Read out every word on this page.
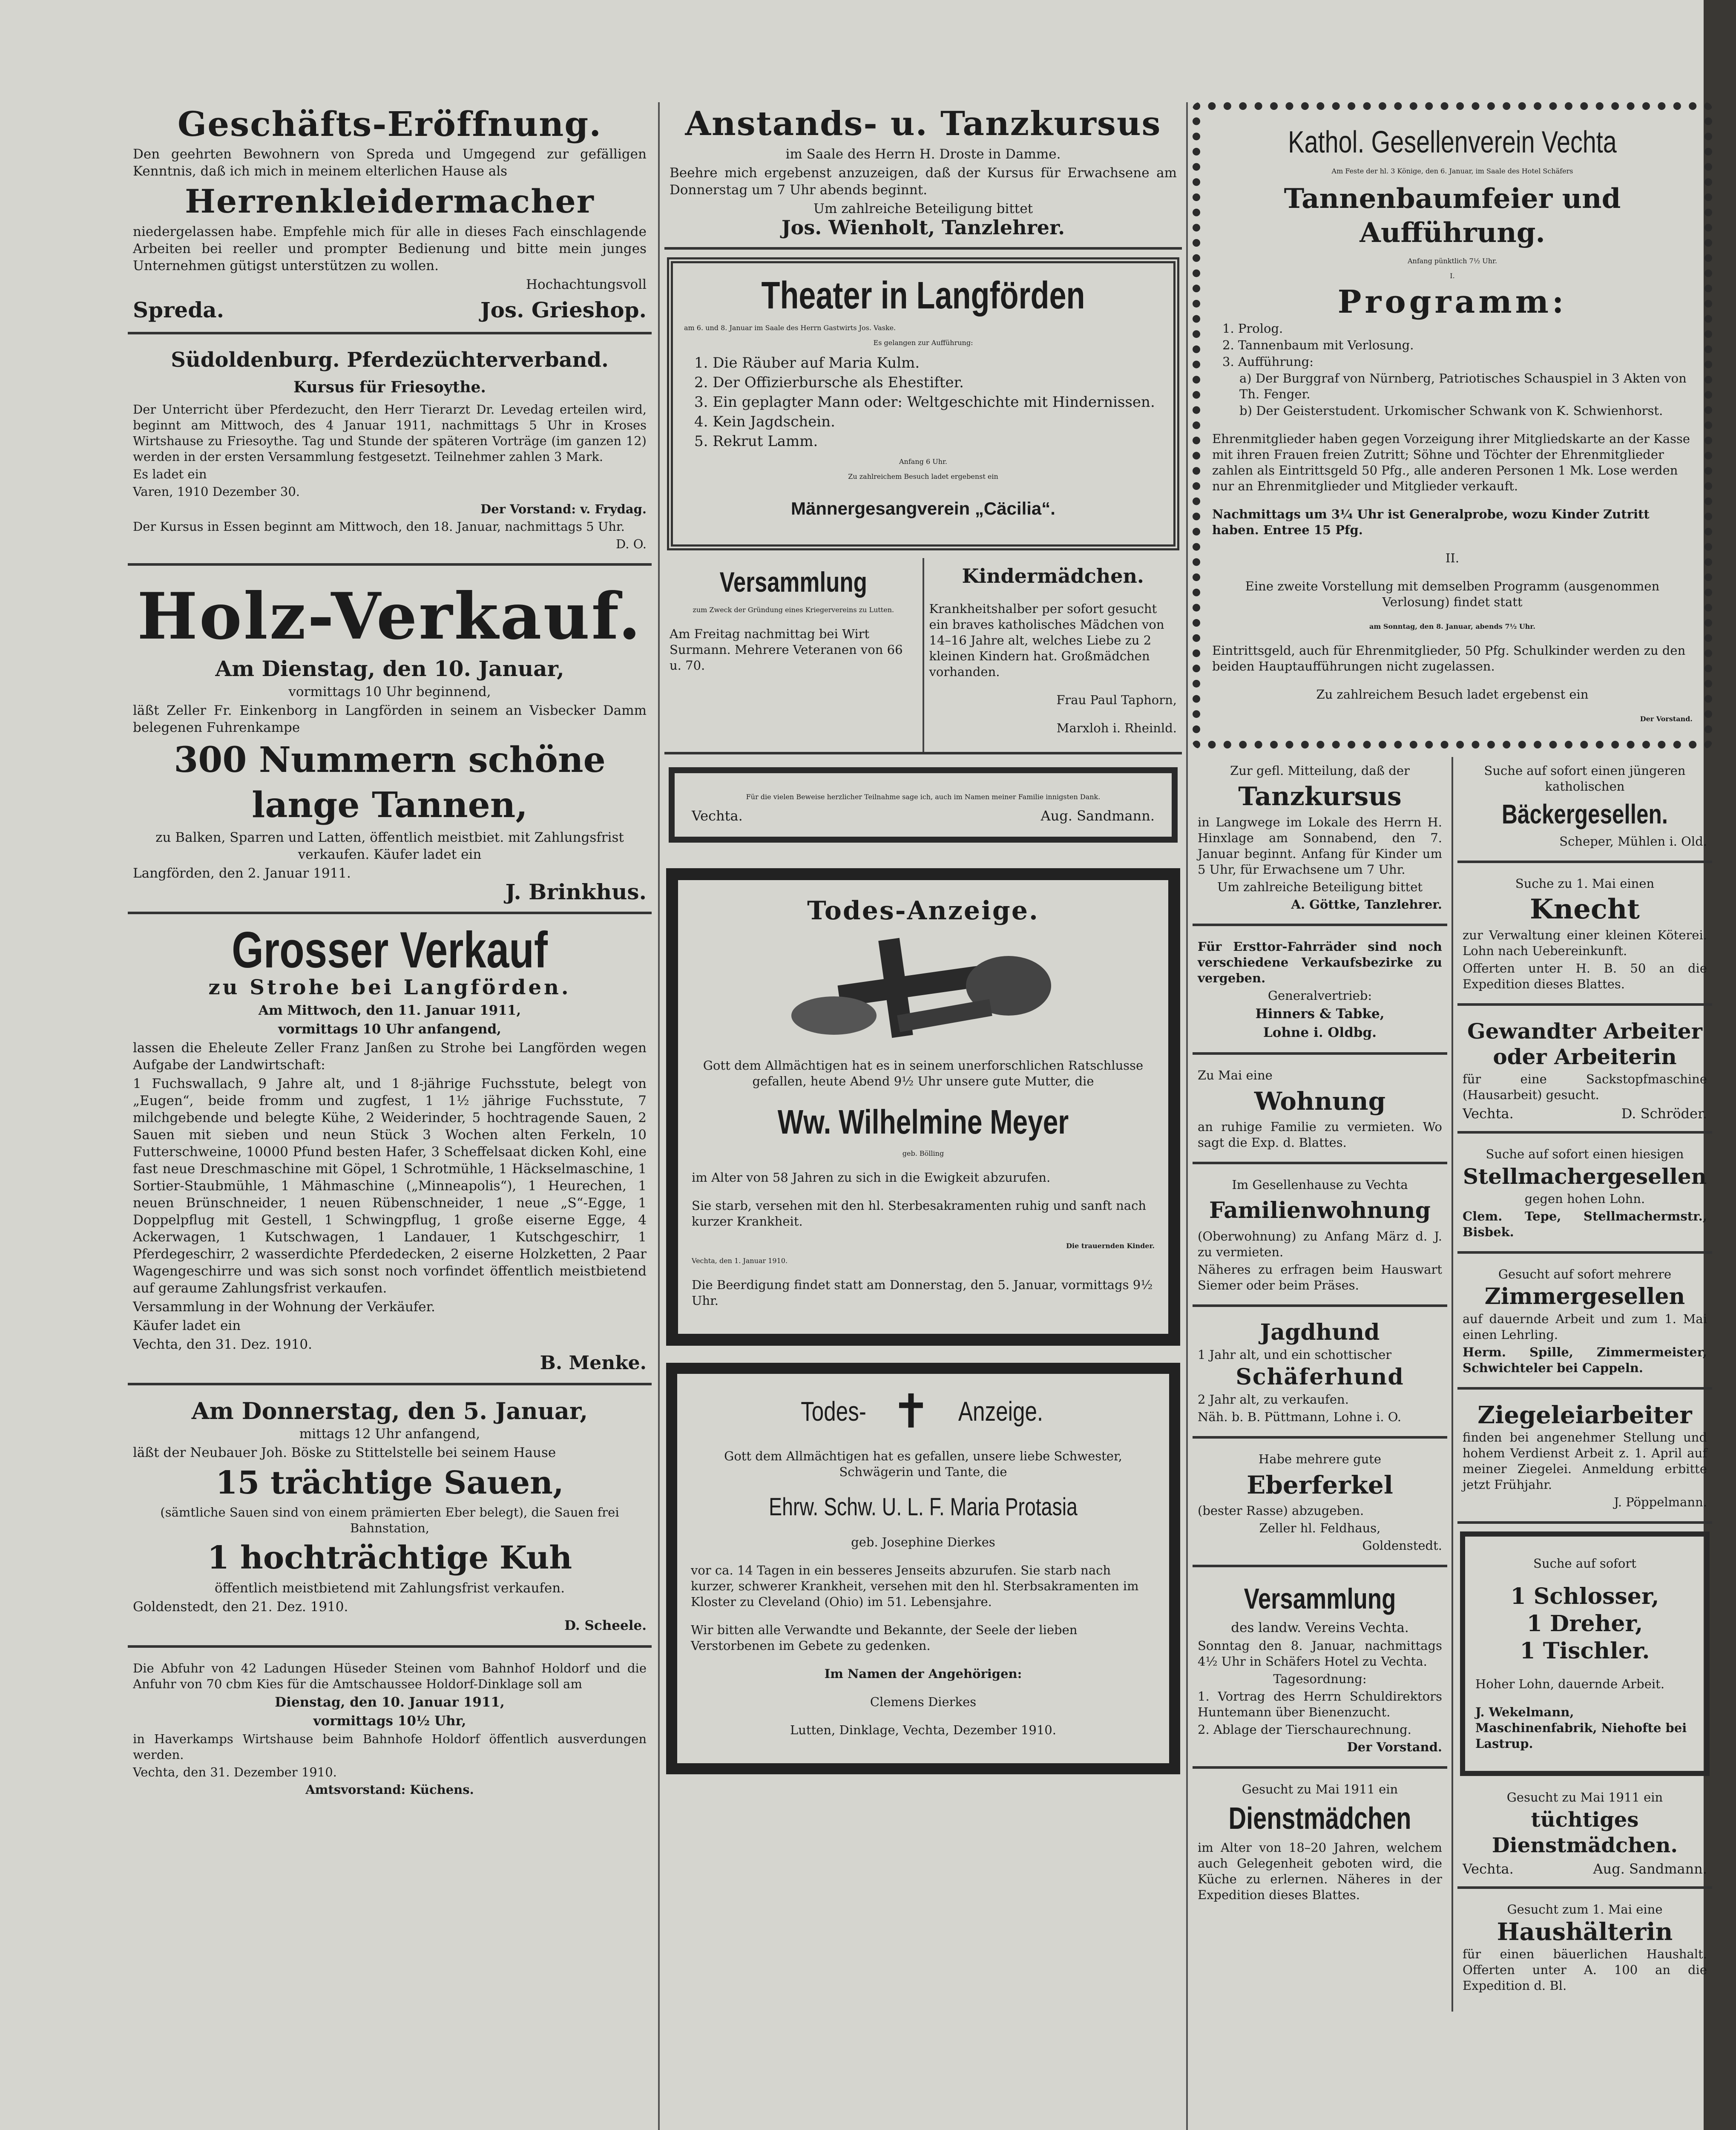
Geschäfts-Eröffnung.

Den geehrten Bewohnern von Spreda und Umgegend zur gefälligen Kenntnis, daß ich mich in meinem elterlichen Hause als

Herrenkleidermacher

niedergelassen habe. Empfehle mich für alle in dieses Fach einschlagende Arbeiten bei reeller und prompter Bedienung und bitte mein junges Unternehmen gütigst unterstützen zu wollen.

Hochachtungsvoll

Spreda.	Jos. Grieshop.
Südoldenburg. Pferdezüchterverband.
Kursus für Friesoythe.

Der Unterricht über Pferdezucht, den Herr Tierarzt Dr. Levedag erteilen wird, beginnt am Mittwoch, des 4 Januar 1911, nachmittags 5 Uhr in Kroses Wirtshause zu Friesoythe. Tag und Stunde der späteren Vorträge (im ganzen 12) werden in der ersten Versammlung festgesetzt. Teilnehmer zahlen 3 Mark.

Es ladet ein

Varen, 1910 Dezember 30.

Der Vorstand: v. Frydag.

Der Kursus in Essen beginnt am Mittwoch, den 18. Januar, nachmittags 5 Uhr.

D. O.

Holz-Verkauf.
Am Dienstag, den 10. Januar,

vormittags 10 Uhr beginnend,

läßt Zeller Fr. Einkenborg in Langförden in seinem an Visbecker Damm belegenen Fuhrenkampe

300 Nummern schöne
lange Tannen,

zu Balken, Sparren und Latten, öffentlich meistbiet. mit Zahlungsfrist verkaufen. Käufer ladet ein

Langförden, den 2. Januar 1911.

J. Brinkhus.

Grosser Verkauf
zu Strohe bei Langförden.

Am Mittwoch, den 11. Januar 1911,

vormittags 10 Uhr anfangend,

lassen die Eheleute Zeller Franz Janßen zu Strohe bei Langförden wegen Aufgabe der Landwirtschaft:

1 Fuchswallach, 9 Jahre alt, und 1 8-jährige Fuchsstute, belegt von „Eugen“, beide fromm und zugfest, 1 1½ jährige Fuchsstute, 7 milchgebende und belegte Kühe, 2 Weiderinder, 5 hochtragende Sauen, 2 Sauen mit sieben und neun Stück 3 Wochen alten Ferkeln, 10 Futterschweine, 10000 Pfund besten Hafer, 3 Scheffelsaat dicken Kohl, eine fast neue Dreschmaschine mit Göpel, 1 Schrotmühle, 1 Häckselmaschine, 1 Sortier-Staubmühle, 1 Mähmaschine („Minneapolis“), 1 Heurechen, 1 neuen Brünschneider, 1 neuen Rübenschneider, 1 neue „S“-Egge, 1 Doppelpflug mit Gestell, 1 Schwingpflug, 1 große eiserne Egge, 4 Ackerwagen, 1 Kutschwagen, 1 Landauer, 1 Kutschgeschirr, 1 Pferdegeschirr, 2 wasserdichte Pferdedecken, 2 eiserne Holzketten, 2 Paar Wagengeschirre und was sich sonst noch vorfindet öffentlich meistbietend auf geraume Zahlungsfrist verkaufen.

Versammlung in der Wohnung der Verkäufer.

Käufer ladet ein

Vechta, den 31. Dez. 1910.

B. Menke.

Am Donnerstag, den 5. Januar,

mittags 12 Uhr anfangend,

läßt der Neubauer Joh. Böske zu Stittelstelle bei seinem Hause

15 trächtige Sauen,

(sämtliche Sauen sind von einem prämierten Eber belegt), die Sauen frei Bahnstation,

1 hochträchtige Kuh

öffentlich meistbietend mit Zahlungsfrist verkaufen.

Goldenstedt, den 21. Dez. 1910.

D. Scheele.

Die Abfuhr von 42 Ladungen Hüseder Steinen vom Bahnhof Holdorf und die Anfuhr von 70 cbm Kies für die Amtschaussee Holdorf-Dinklage soll am

Dienstag, den 10. Januar 1911,

vormittags 10½ Uhr,

in Haverkamps Wirtshause beim Bahnhofe Holdorf öffentlich ausverdungen werden.

Vechta, den 31. Dezember 1910.

Amtsvorstand: Küchens.

Anstands- u. Tanzkursus

im Saale des Herrn H. Droste in Damme.

Beehre mich ergebenst anzuzeigen, daß der Kursus für Erwachsene am Donnerstag um 7 Uhr abends beginnt.

Um zahlreiche Beteiligung bittet

Jos. Wienholt, Tanzlehrer.

Theater in Langförden

am 6. und 8. Januar im Saale des Herrn Gastwirts Jos. Vaske.

Es gelangen zur Aufführung:

1. Die Räuber auf Maria Kulm.
2. Der Offizierbursche als Ehestifter.
3. Ein geplagter Mann oder: Weltgeschichte mit Hindernissen.
4. Kein Jagdschein.
5. Rekrut Lamm.

Anfang 6 Uhr.

Zu zahlreichem Besuch ladet ergebenst ein

Männergesangverein „Cäcilia“.

Versammlung

zum Zweck der Gründung eines Kriegervereins zu Lutten.

Am Freitag nachmittag bei Wirt Surmann. Mehrere Veteranen von 66 u. 70.

Kindermädchen.

Krankheitshalber per sofort gesucht ein braves katholisches Mädchen von 14–16 Jahre alt, welches Liebe zu 2 kleinen Kindern hat. Großmädchen vorhanden.

Frau Paul Taphorn,

Marxloh i. Rheinld.

Für die vielen Beweise herzlicher Teilnahme sage ich, auch im Namen meiner Familie innigsten Dank.

Vechta.	Aug. Sandmann.
Todes-Anzeige.

Gott dem Allmächtigen hat es in seinem unerforschlichen Ratschlusse gefallen, heute Abend 9½ Uhr unsere gute Mutter, die

Ww. Wilhelmine Meyer

geb. Bölling

im Alter von 58 Jahren zu sich in die Ewigkeit abzurufen.

Sie starb, versehen mit den hl. Sterbesakramenten ruhig und sanft nach kurzer Krankheit.

Die trauernden Kinder.

Vechta, den 1. Januar 1910.

Die Beerdigung findet statt am Donnerstag, den 5. Januar, vormittags 9½ Uhr.

Todes- ✝ Anzeige.

Gott dem Allmächtigen hat es gefallen, unsere liebe Schwester, Schwägerin und Tante, die

Ehrw. Schw. U. L. F. Maria Protasia

geb. Josephine Dierkes

vor ca. 14 Tagen in ein besseres Jenseits abzurufen. Sie starb nach kurzer, schwerer Krankheit, versehen mit den hl. Sterbsakramenten im Kloster zu Cleveland (Ohio) im 51. Lebensjahre.

Wir bitten alle Verwandte und Bekannte, der Seele der lieben Verstorbenen im Gebete zu gedenken.

Im Namen der Angehörigen:

Clemens Dierkes

Lutten, Dinklage, Vechta, Dezember 1910.

Kathol. Gesellenverein Vechta

Am Feste der hl. 3 Könige, den 6. Januar, im Saale des Hotel Schäfers

Tannenbaumfeier und Aufführung.

Anfang pünktlich 7½ Uhr.

I.

Programm:
1. Prolog.
2. Tannenbaum mit Verlosung.
3. Aufführung:
a) Der Burggraf von Nürnberg, Patriotisches Schauspiel in 3 Akten von Th. Fenger.
b) Der Geisterstudent. Urkomischer Schwank von K. Schwienhorst.

Ehrenmitglieder haben gegen Vorzeigung ihrer Mitgliedskarte an der Kasse mit ihren Frauen freien Zutritt; Söhne und Töchter der Ehrenmitglieder zahlen als Eintrittsgeld 50 Pfg., alle anderen Personen 1 Mk. Lose werden nur an Ehrenmitglieder und Mitglieder verkauft.

Nachmittags um 3¼ Uhr ist Generalprobe, wozu Kinder Zutritt haben. Entree 15 Pfg.

II.

Eine zweite Vorstellung mit demselben Programm (ausgenommen Verlosung) findet statt

am Sonntag, den 8. Januar, abends 7½ Uhr.

Eintrittsgeld, auch für Ehrenmitglieder, 50 Pfg. Schulkinder werden zu den beiden Hauptaufführungen nicht zugelassen.

Zu zahlreichem Besuch ladet ergebenst ein

Der Vorstand.

Zur gefl. Mitteilung, daß der

Tanzkursus

in Langwege im Lokale des Herrn H. Hinxlage am Sonnabend, den 7. Januar beginnt. Anfang für Kinder um 5 Uhr, für Erwachsene um 7 Uhr.

Um zahlreiche Beteiligung bittet

A. Göttke, Tanzlehrer.

Für Ersttor-Fahrräder sind noch verschiedene Verkaufsbezirke zu vergeben.

Generalvertrieb:

Hinners & Tabke,

Lohne i. Oldbg.

Zu Mai eine

Wohnung

an ruhige Familie zu vermieten. Wo sagt die Exp. d. Blattes.

Im Gesellenhause zu Vechta

Familienwohnung

(Oberwohnung) zu Anfang März d. J. zu vermieten.

Näheres zu erfragen beim Hauswart Siemer oder beim Präses.

Jagdhund

1 Jahr alt, und ein schottischer

Schäferhund

2 Jahr alt, zu verkaufen.

Näh. b. B. Püttmann, Lohne i. O.

Habe mehrere gute

Eberferkel

(bester Rasse) abzugeben.

Zeller hl. Feldhaus,

Goldenstedt.

Versammlung

des landw. Vereins Vechta.

Sonntag den 8. Januar, nachmittags 4½ Uhr in Schäfers Hotel zu Vechta.

Tagesordnung:

1. Vortrag des Herrn Schuldirektors Huntemann über Bienenzucht.

2. Ablage der Tierschaurechnung.

Der Vorstand.

Gesucht zu Mai 1911 ein

Dienstmädchen

im Alter von 18–20 Jahren, welchem auch Gelegenheit geboten wird, die Küche zu erlernen. Näheres in der Expedition dieses Blattes.

Suche auf sofort einen jüngeren katholischen

Bäckergesellen.

Scheper, Mühlen i. Old.

Suche zu 1. Mai einen

Knecht

zur Verwaltung einer kleinen Köterei. Lohn nach Uebereinkunft.

Offerten unter H. B. 50 an die Expedition dieses Blattes.

Gewandter Arbeiter oder Arbeiterin

für eine Sackstopfmaschine (Hausarbeit) gesucht.

Vechta.	D. Schröder.

Suche auf sofort einen hiesigen

Stellmachergesellen

gegen hohen Lohn.

Clem. Tepe, Stellmachermstr., Bisbek.

Gesucht auf sofort mehrere

Zimmergesellen

auf dauernde Arbeit und zum 1. Mai einen Lehrling.

Herm. Spille, Zimmermeister, Schwichteler bei Cappeln.

Ziegeleiarbeiter

finden bei angenehmer Stellung und hohem Verdienst Arbeit z. 1. April auf meiner Ziegelei. Anmeldung erbitte jetzt Frühjahr.

J. Pöppelmann.

Suche auf sofort

1 Schlosser,
1 Dreher,
1 Tischler.

Hoher Lohn, dauernde Arbeit.

J. Wekelmann, Maschinenfabrik, Niehofte bei Lastrup.

Gesucht zu Mai 1911 ein

tüchtiges Dienstmädchen.
Vechta.	Aug. Sandmann.

Gesucht zum 1. Mai eine

Haushälterin

für einen bäuerlichen Haushalt. Offerten unter A. 100 an die Expedition d. Bl.
